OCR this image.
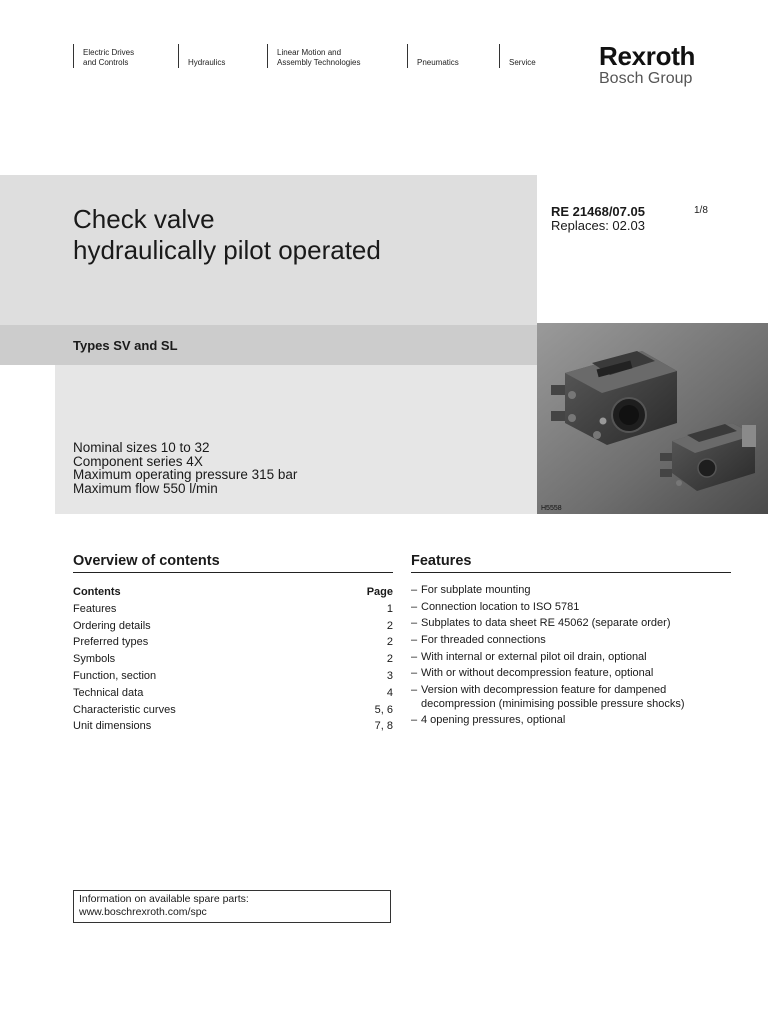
Electric Drives
and Controls	Hydraulics
Linear Motion and
Assembly Technologies	Pneumatics	Service Rexroth
Bosch Group
Check valve
hydraulically pilot operated
RE 21468/07.05
Replaces: 02.03
1/8
Types SV and SL
Nominal sizes 10 to 32
Component series 4X
Maximum operating pressure 315 bar
Maximum flow 550 l/min
H5558
Overview of contents
Contents	Page
Features	1
Ordering details	2
Preferred types	2
Symbols	2
Function, section	3
Technical data	4
Characteristic curves	5, 6
Unit dimensions	7, 8
Features
– For subplate mounting
– Connection location to ISO 5781
– Subplates to data sheet RE 45062 (separate order)
– For threaded connections
– With internal or external pilot oil drain, optional
– With or without decompression feature, optional
– Version with decompression feature for dampened decompression (minimising possible pressure shocks)
– 4 opening pressures, optional
Information on available spare parts:
www.boschrexroth.com/spc
